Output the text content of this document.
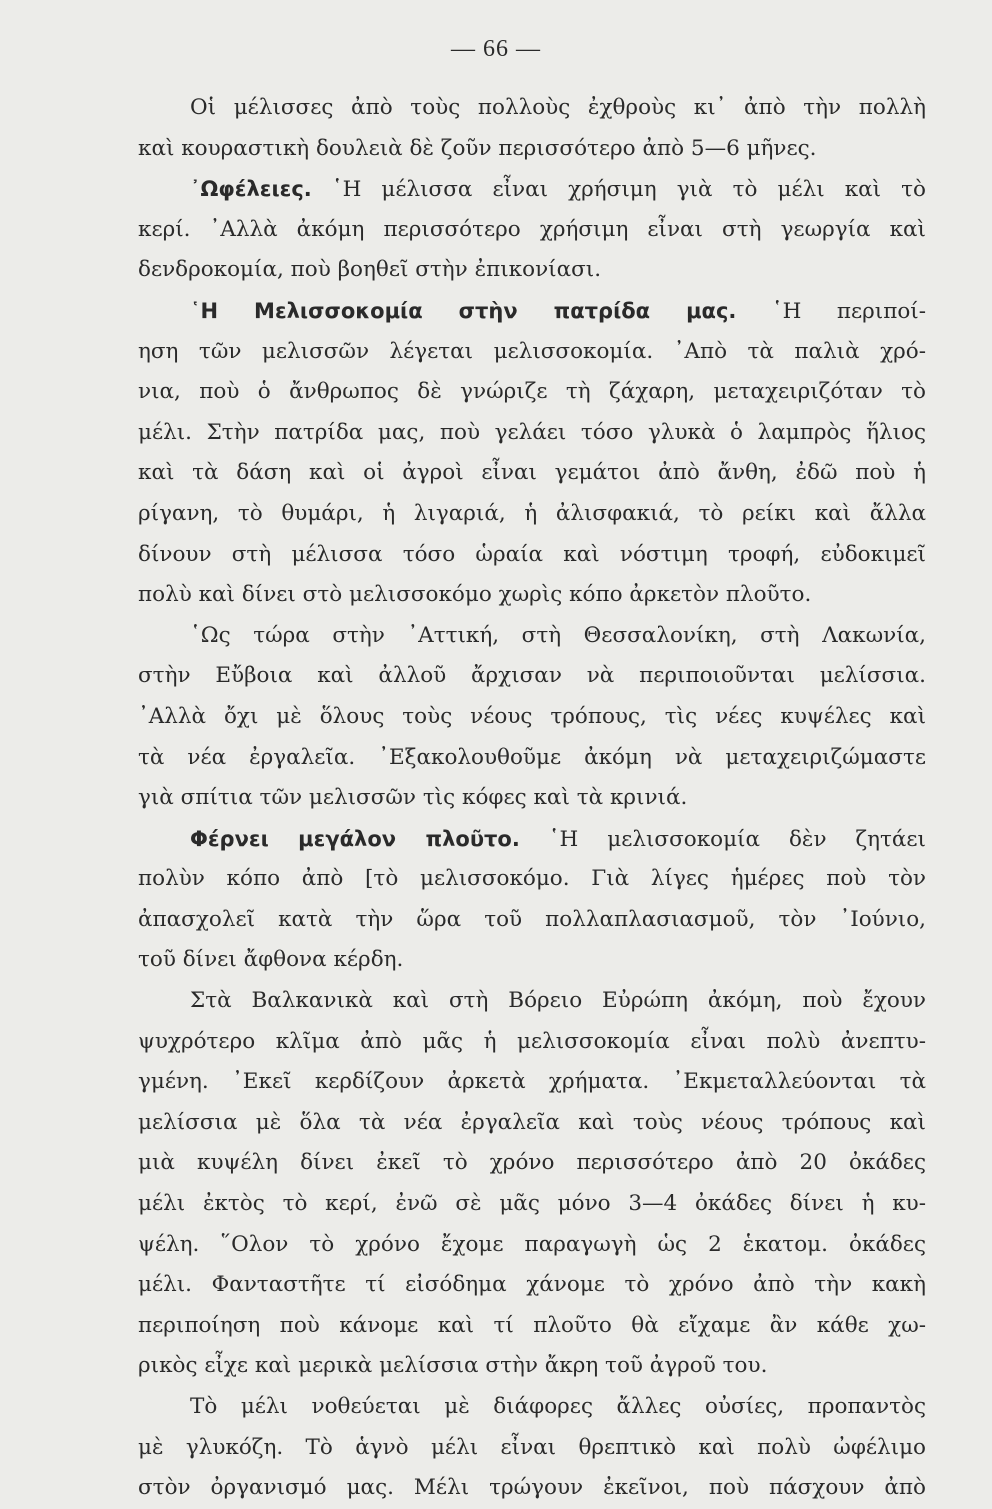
— 66 —
Οἱ μέλισσες ἀπὸ τοὺς πολλοὺς ἐχθροὺς κι᾿ ἀπὸ τὴν πολλὴ
καὶ κουραστικὴ δουλειὰ δὲ ζοῦν περισσότερο ἀπὸ 5—6 μῆνες.
᾿Ωφέλειες. ῾Η μέλισσα εἶναι χρήσιμη γιὰ τὸ μέλι καὶ τὸ
κερί. ᾿Αλλὰ ἀκόμη περισσότερο χρήσιμη εἶναι στὴ γεωργία καὶ
δενδροκομία, ποὺ βοηθεῖ στὴν ἐπικονίασι.
῾Η Μελισσοκομία στὴν πατρίδα μας. ῾Η περιποί-
ηση τῶν μελισσῶν λέγεται μελισσοκομία. ᾿Απὸ τὰ παλιὰ χρό-
νια, ποὺ ὁ ἄνθρωπος δὲ γνώριζε τὴ ζάχαρη, μεταχειριζόταν τὸ
μέλι. Στὴν πατρίδα μας, ποὺ γελάει τόσο γλυκὰ ὁ λαμπρὸς ἥλιος
καὶ τὰ δάση καὶ οἱ ἀγροὶ εἶναι γεμάτοι ἀπὸ ἄνθη, ἐδῶ ποὺ ἡ
ρίγανη, τὸ θυμάρι, ἡ λιγαριά, ἡ ἀλισφακιά, τὸ ρείκι καὶ ἄλλα
δίνουν στὴ μέλισσα τόσο ὡραία καὶ νόστιμη τροφή, εὐδοκιμεῖ
πολὺ καὶ δίνει στὸ μελισσοκόμο χωρὶς κόπο ἀρκετὸν πλοῦτο.
῾Ως τώρα στὴν ᾿Αττική, στὴ Θεσσαλονίκη, στὴ Λακωνία,
στὴν Εὔβοια καὶ ἀλλοῦ ἄρχισαν νὰ περιποιοῦνται μελίσσια.
᾿Αλλὰ ὄχι μὲ ὅλους τοὺς νέους τρόπους, τὶς νέες κυψέλες καὶ
τὰ νέα ἐργαλεῖα. ᾿Εξακολουθοῦμε ἀκόμη νὰ μεταχειριζώμαστε
γιὰ σπίτια τῶν μελισσῶν τὶς κόφες καὶ τὰ κρινιά.
Φέρνει μεγάλον πλοῦτο. ῾Η μελισσοκομία δὲν ζητάει
πολὺν κόπο ἀπὸ [τὸ μελισσοκόμο. Γιὰ λίγες ἡμέρες ποὺ τὸν
ἀπασχολεῖ κατὰ τὴν ὥρα τοῦ πολλαπλασιασμοῦ, τὸν ᾿Ιούνιο,
τοῦ δίνει ἄφθονα κέρδη.
Στὰ Βαλκανικὰ καὶ στὴ Βόρειο Εὐρώπη ἀκόμη, ποὺ ἔχουν
ψυχρότερο κλῖμα ἀπὸ μᾶς ἡ μελισσοκομία εἶναι πολὺ ἀνεπτυ-
γμένη. ᾿Εκεῖ κερδίζουν ἀρκετὰ χρήματα. ᾿Εκμεταλλεύονται τὰ
μελίσσια μὲ ὅλα τὰ νέα ἐργαλεῖα καὶ τοὺς νέους τρόπους καὶ
μιὰ κυψέλη δίνει ἐκεῖ τὸ χρόνο περισσότερο ἀπὸ 20 ὀκάδες
μέλι ἐκτὸς τὸ κερί, ἐνῶ σὲ μᾶς μόνο 3—4 ὀκάδες δίνει ἡ κυ-
ψέλη. ῞Ολον τὸ χρόνο ἔχομε παραγωγὴ ὡς 2 ἑκατομ. ὀκάδες
μέλι. Φανταστῆτε τί εἰσόδημα χάνομε τὸ χρόνο ἀπὸ τὴν κακὴ
περιποίηση ποὺ κάνομε καὶ τί πλοῦτο θὰ εἴχαμε ἂν κάθε χω-
ρικὸς εἶχε καὶ μερικὰ μελίσσια στὴν ἄκρη τοῦ ἀγροῦ του.
Τὸ μέλι νοθεύεται μὲ διάφορες ἄλλες οὐσίες, προπαντὸς
μὲ γλυκόζη. Τὸ ἁγνὸ μέλι εἶναι θρεπτικὸ καὶ πολὺ ὠφέλιμο
στὸν ὀργανισμό μας. Μέλι τρώγουν ἐκεῖνοι, ποὺ πάσχουν ἀπὸ
